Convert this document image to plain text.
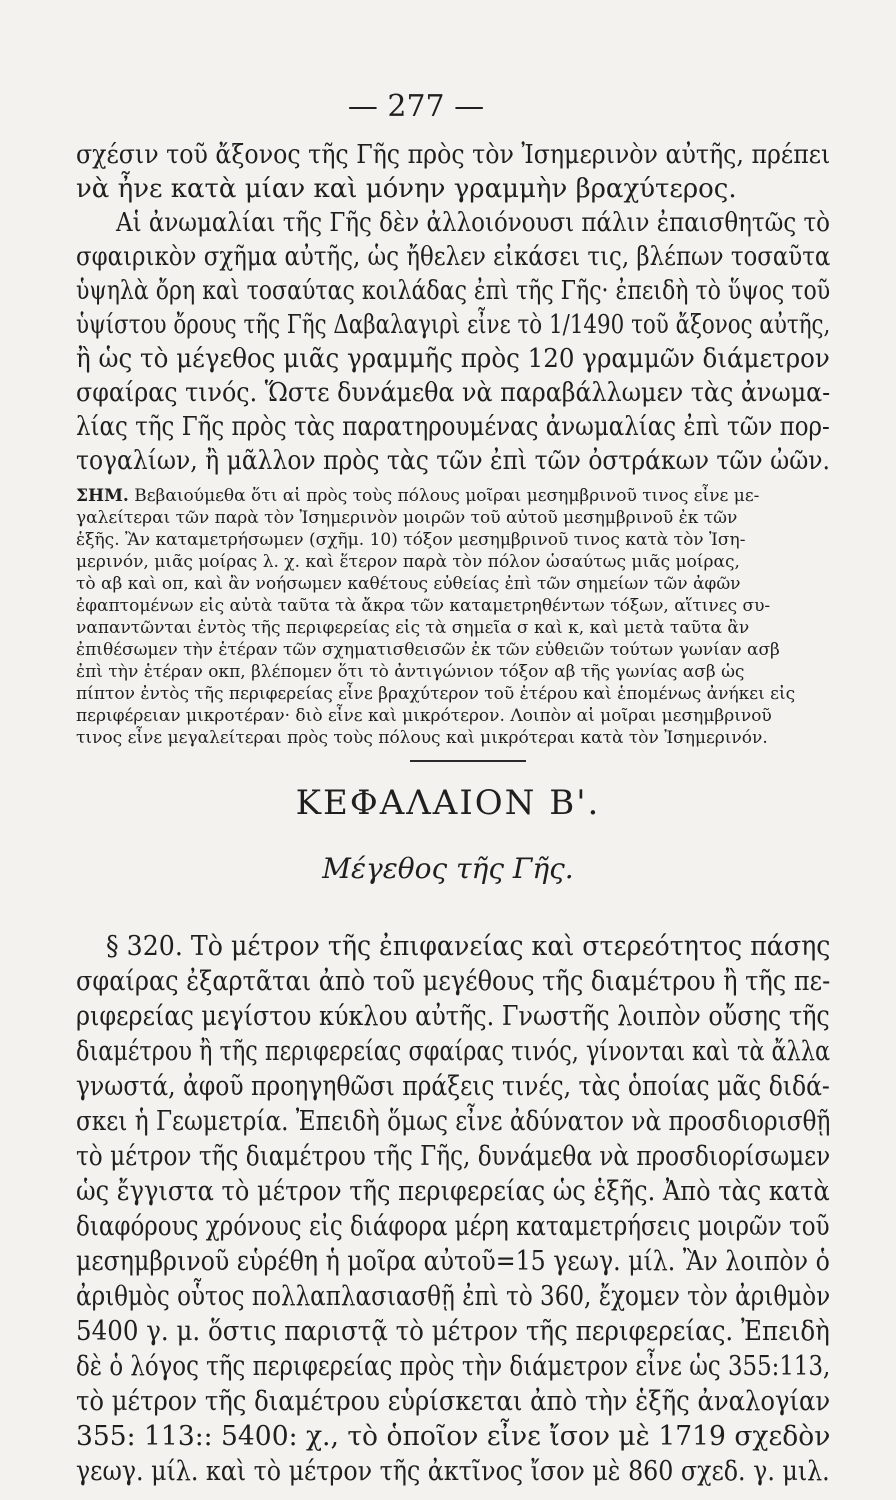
— 277 —
σχέσιν τοῦ ἄξονος τῆς Γῆς πρὸς τὸν Ἰσημερινὸν αὐτῆς, πρέπει
νὰ ἦνε κατὰ μίαν καὶ μόνην γραμμὴν βραχύτερος.
Αἱ ἀνωμαλίαι τῆς Γῆς δὲν ἀλλοιόνουσι πάλιν ἐπαισθητῶς τὸ
σφαιρικὸν σχῆμα αὐτῆς, ὡς ἤθελεν εἰκάσει τις, βλέπων τοσαῦτα
ὑψηλὰ ὄρη καὶ τοσαύτας κοιλάδας ἐπὶ τῆς Γῆς· ἐπειδὴ τὸ ὕψος τοῦ
ὑψίστου ὄρους τῆς Γῆς Δαβαλαγιρὶ εἶνε τὸ 1/1490 τοῦ ἄξονος αὐτῆς,
ἢ ὡς τὸ μέγεθος μιᾶς γραμμῆς πρὸς 120 γραμμῶν διάμετρον
σφαίρας τινός. Ὥστε δυνάμεθα νὰ παραβάλλωμεν τὰς ἀνωμα-
λίας τῆς Γῆς πρὸς τὰς παρατηρουμένας ἀνωμαλίας ἐπὶ τῶν πορ-
τογαλίων, ἢ μᾶλλον πρὸς τὰς τῶν ἐπὶ τῶν ὀστράκων τῶν ὠῶν.
ΣΗΜ. Βεβαιούμεθα ὅτι αἱ πρὸς τοὺς πόλους μοῖραι μεσημβρινοῦ τινος εἶνε με-
γαλείτεραι τῶν παρὰ τὸν Ἰσημερινὸν μοιρῶν τοῦ αὐτοῦ μεσημβρινοῦ ἐκ τῶν
ἑξῆς. Ἂν καταμετρήσωμεν (σχῆμ. 10) τόξον μεσημβρινοῦ τινος κατὰ τὸν Ἰση-
μερινόν, μιᾶς μοίρας λ. χ. καὶ ἕτερον παρὰ τὸν πόλον ὡσαύτως μιᾶς μοίρας,
τὸ αβ καὶ οπ, καὶ ἂν νοήσωμεν καθέτους εὐθείας ἐπὶ τῶν σημείων τῶν ἀφῶν
ἐφαπτομένων εἰς αὐτὰ ταῦτα τὰ ἄκρα τῶν καταμετρηθέντων τόξων, αἵτινες συ-
ναπαντῶνται ἐντὸς τῆς περιφερείας εἰς τὰ σημεῖα σ καὶ κ, καὶ μετὰ ταῦτα ἂν
ἐπιθέσωμεν τὴν ἑτέραν τῶν σχηματισθεισῶν ἐκ τῶν εὐθειῶν τούτων γωνίαν ασβ
ἐπὶ τὴν ἑτέραν οκπ, βλέπομεν ὅτι τὸ ἀντιγώνιον τόξον αβ τῆς γωνίας ασβ ὡς
πίπτον ἐντὸς τῆς περιφερείας εἶνε βραχύτερον τοῦ ἑτέρου καὶ ἑπομένως ἀνήκει εἰς
περιφέρειαν μικροτέραν· διὸ εἶνε καὶ μικρότερον. Λοιπὸν αἱ μοῖραι μεσημβρινοῦ
τινος εἶνε μεγαλείτεραι πρὸς τοὺς πόλους καὶ μικρότεραι κατὰ τὸν Ἰσημερινόν.
ΚΕΦΑΛΑΙΟΝ Β'.
Μέγεθος τῆς Γῆς.
§ 320. Τὸ μέτρον τῆς ἐπιφανείας καὶ στερεότητος πάσης
σφαίρας ἐξαρτᾶται ἀπὸ τοῦ μεγέθους τῆς διαμέτρου ἢ τῆς πε-
ριφερείας μεγίστου κύκλου αὐτῆς. Γνωστῆς λοιπὸν οὔσης τῆς
διαμέτρου ἢ τῆς περιφερείας σφαίρας τινός, γίνονται καὶ τὰ ἄλλα
γνωστά, ἀφοῦ προηγηθῶσι πράξεις τινές, τὰς ὁποίας μᾶς διδά-
σκει ἡ Γεωμετρία. Ἐπειδὴ ὅμως εἶνε ἀδύνατον νὰ προσδιορισθῇ
τὸ μέτρον τῆς διαμέτρου τῆς Γῆς, δυνάμεθα νὰ προσδιορίσωμεν
ὡς ἔγγιστα τὸ μέτρον τῆς περιφερείας ὡς ἑξῆς. Ἀπὸ τὰς κατὰ
διαφόρους χρόνους εἰς διάφορα μέρη καταμετρήσεις μοιρῶν τοῦ
μεσημβρινοῦ εὑρέθη ἡ μοῖρα αὐτοῦ=15 γεωγ. μίλ. Ἂν λοιπὸν ὁ
ἀριθμὸς οὗτος πολλαπλασιασθῇ ἐπὶ τὸ 360, ἔχομεν τὸν ἀριθμὸν
5400 γ. μ. ὅστις παριστᾷ τὸ μέτρον τῆς περιφερείας. Ἐπειδὴ
δὲ ὁ λόγος τῆς περιφερείας πρὸς τὴν διάμετρον εἶνε ὡς 355:113,
τὸ μέτρον τῆς διαμέτρου εὑρίσκεται ἀπὸ τὴν ἑξῆς ἀναλογίαν
355: 113:: 5400: χ., τὸ ὁποῖον εἶνε ἴσον μὲ 1719 σχεδὸν
γεωγ. μίλ. καὶ τὸ μέτρον τῆς ἀκτῖνος ἴσον μὲ 860 σχεδ. γ. μιλ.
